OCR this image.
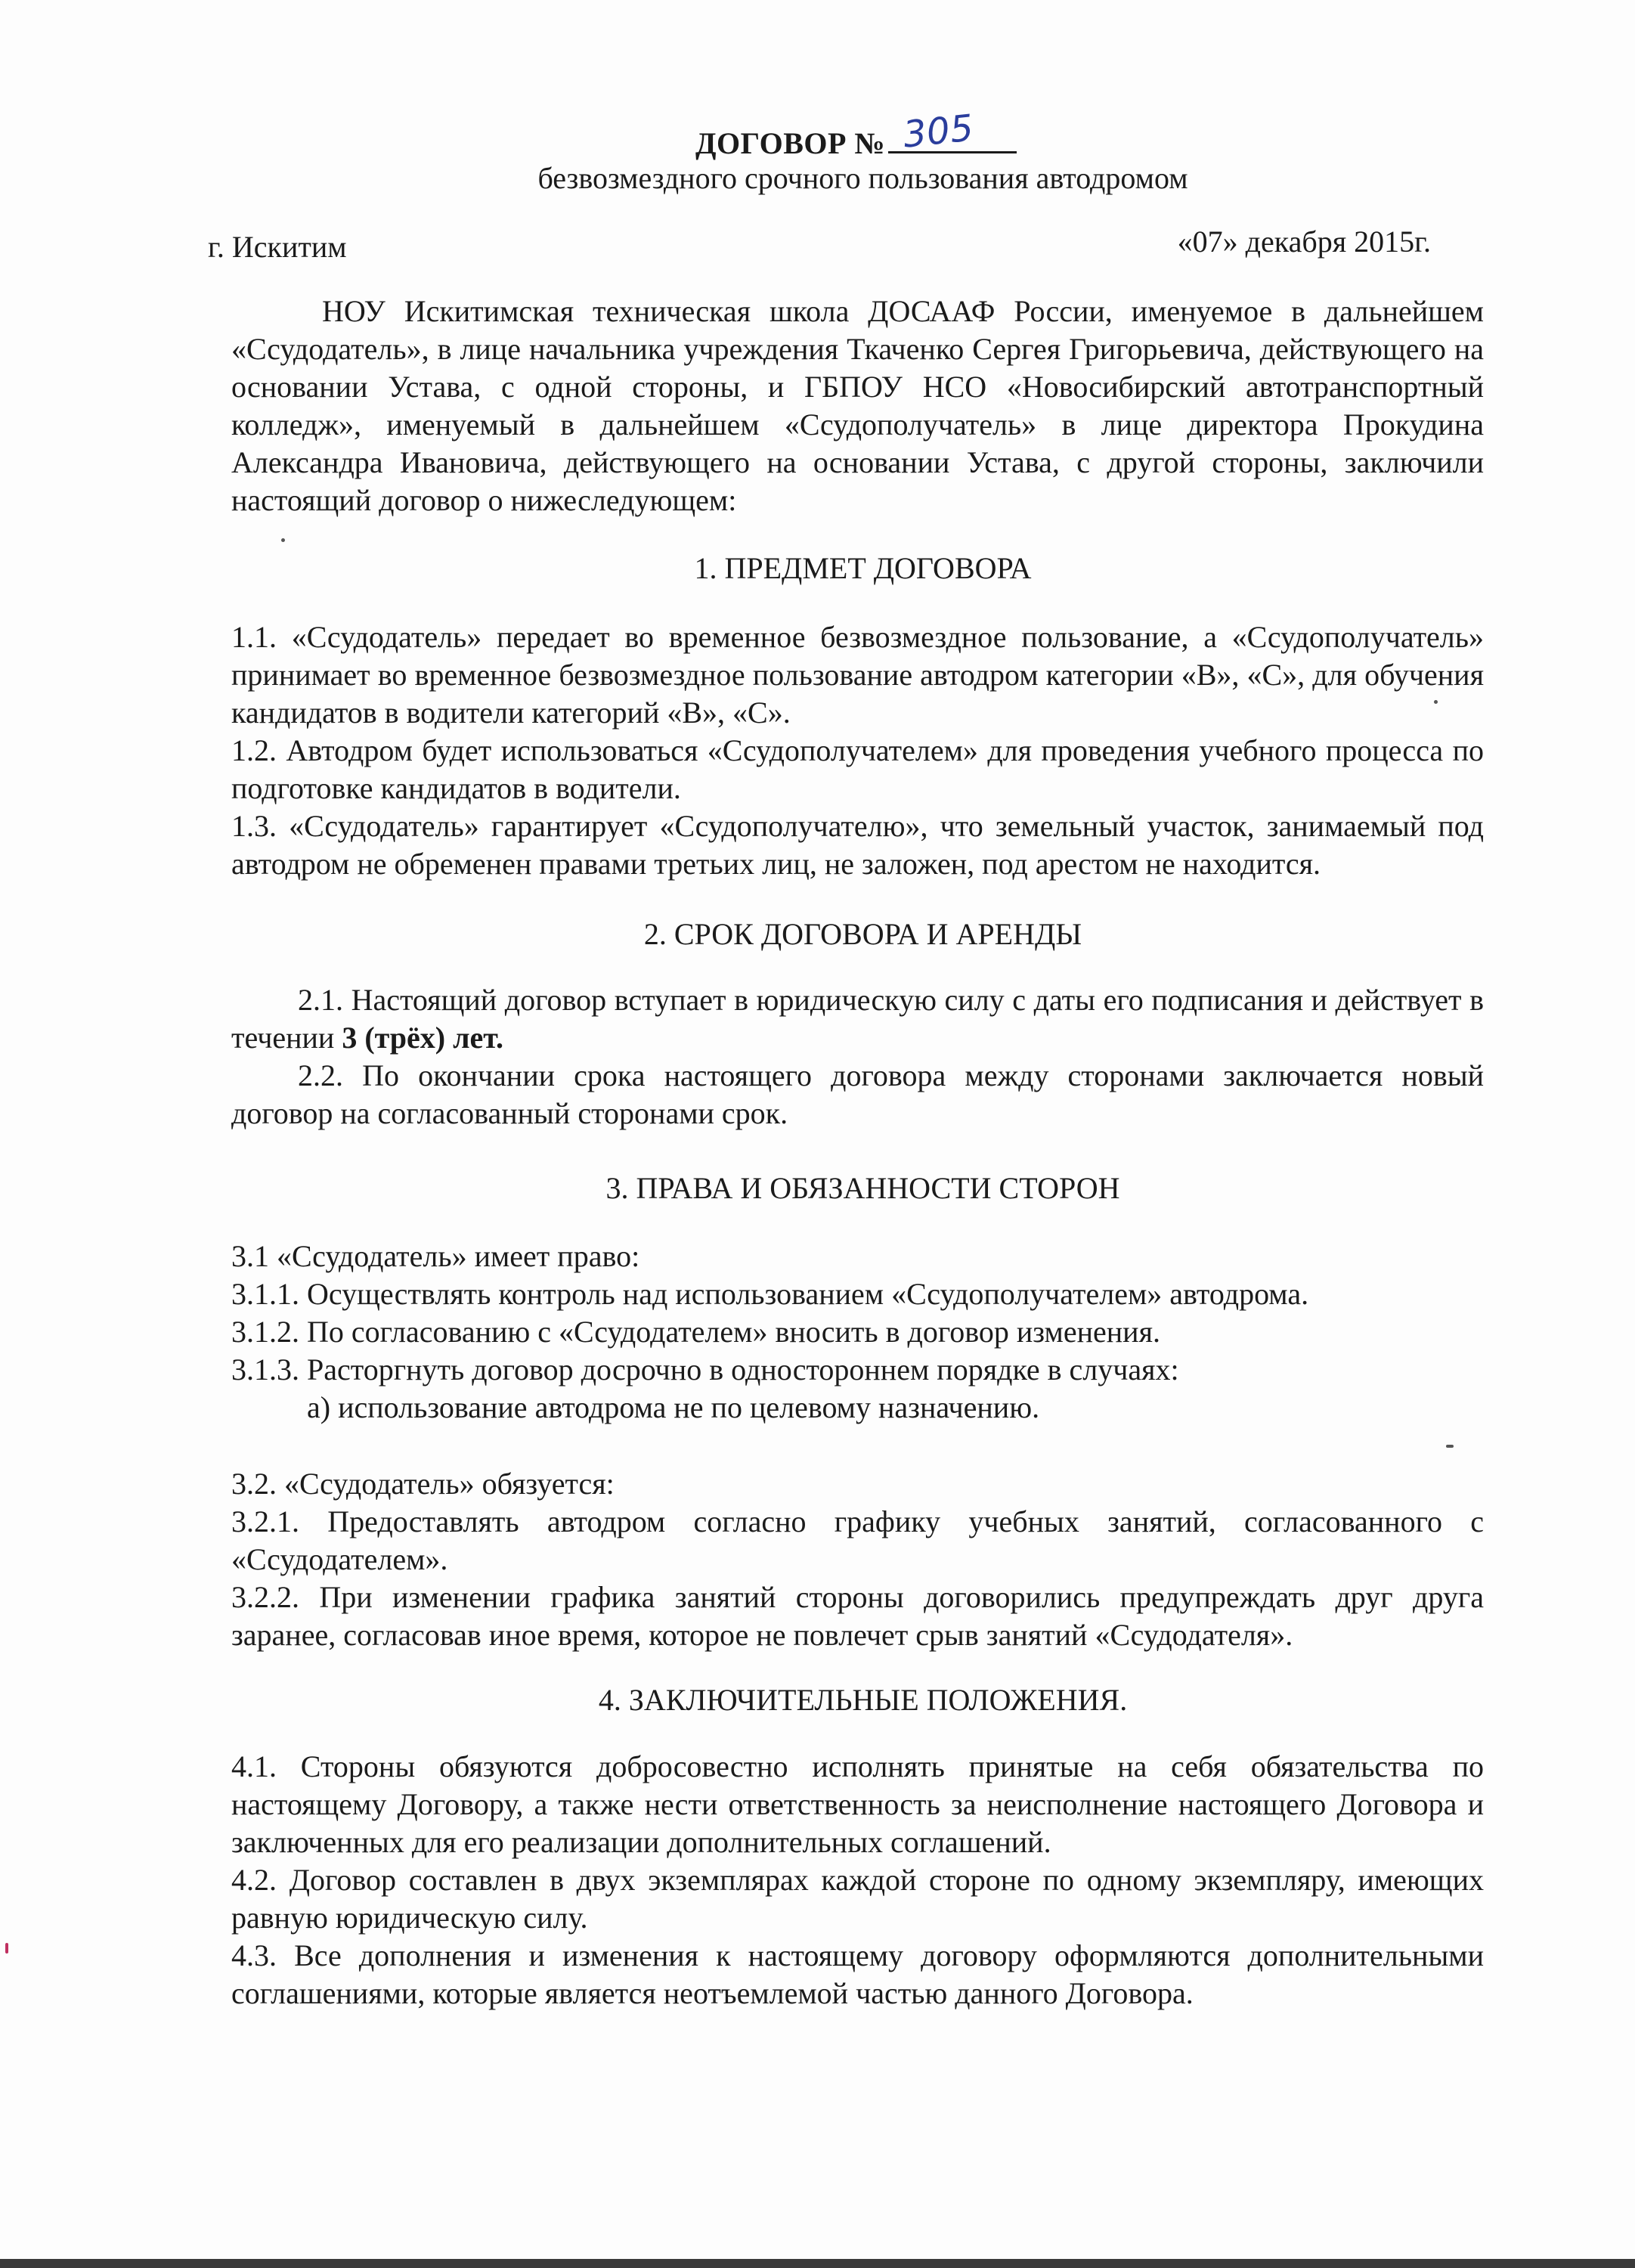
ДОГОВОР № 305
безвозмездного срочного пользования автодромом
г. Искитим	«07» декабря 2015г.

НОУ Искитимская техническая школа ДОСААФ России, именуемое в дальнейшем «Ссудодатель», в лице начальника учреждения Ткаченко Сергея Григорьевича, действующего на основании Устава, с одной стороны, и ГБПОУ НСО «Новосибирский автотранспортный колледж», именуемый в дальнейшем «Ссудополучатель» в лице директора Прокудина Александра Ивановича, действующего на основании Устава, с другой стороны, заключили настоящий договор о нижеследующем:

1. ПРЕДМЕТ ДОГОВОРА

1.1. «Ссудодатель» передает во временное безвозмездное пользование, а «Ссудополучатель» принимает во временное безвозмездное пользование автодром категории «В», «С», для обучения кандидатов в водители категорий «В», «С».

1.2. Автодром будет использоваться «Ссудополучателем» для проведения учебного процесса по подготовке кандидатов в водители.

1.3. «Ссудодатель» гарантирует «Ссудополучателю», что земельный участок, занимаемый под автодром не обременен правами третьих лиц, не заложен, под арестом не находится.

2. СРОК ДОГОВОРА И АРЕНДЫ

2.1. Настоящий договор вступает в юридическую силу с даты его подписания и действует в течении 3 (трёх) лет.

2.2. По окончании срока настоящего договора между сторонами заключается новый договор на согласованный сторонами срок.

3. ПРАВА И ОБЯЗАННОСТИ СТОРОН

3.1 «Ссудодатель» имеет право:

3.1.1. Осуществлять контроль над использованием «Ссудополучателем» автодрома.

3.1.2. По согласованию с «Ссудодателем» вносить в договор изменения.

3.1.3. Расторгнуть договор досрочно в одностороннем порядке в случаях:

а) использование автодрома не по целевому назначению.

3.2. «Ссудодатель» обязуется:

3.2.1. Предоставлять автодром согласно графику учебных занятий, согласованного с «Ссудодателем».

3.2.2. При изменении графика занятий стороны договорились предупреждать друг друга заранее, согласовав иное время, которое не повлечет срыв занятий «Ссудодателя».

4. ЗАКЛЮЧИТЕЛЬНЫЕ ПОЛОЖЕНИЯ.

4.1. Стороны обязуются добросовестно исполнять принятые на себя обязательства по настоящему Договору, а также нести ответственность за неисполнение настоящего Договора и заключенных для его реализации дополнительных соглашений.

4.2. Договор составлен в двух экземплярах каждой стороне по одному экземпляру, имеющих равную юридическую силу.

4.3. Все дополнения и изменения к настоящему договору оформляются дополнительными соглашениями, которые является неотъемлемой частью данного Договора.
